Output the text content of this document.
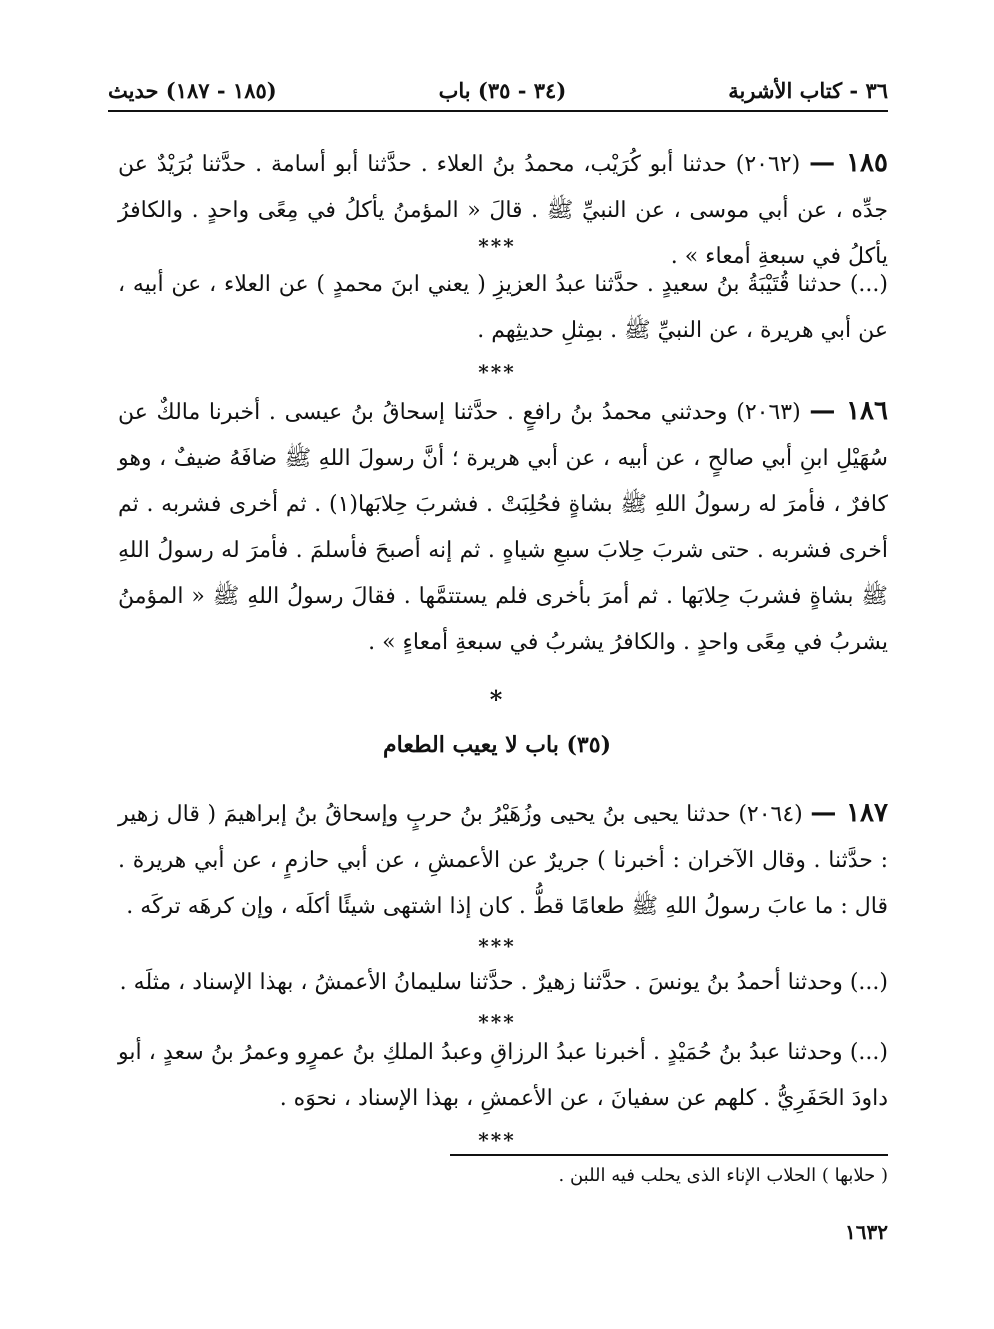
٣٦ - كتاب الأشربة
(٣٤ - ٣٥) باب
(١٨٥ - ١٨٧) حديث
١٨٥ — (٢٠٦٢) حدثنا أبو كُرَيْب، محمدُ بنُ العلاء . حدَّثنا أبو أسامة . حدَّثنا بُرَيْدٌ عن جدِّه ، عن أبي موسى ، عن النبيِّ ﷺ . قالَ « المؤمنُ يأكلُ في مِعًى واحدٍ . والكافرُ يأكلُ في سبعةِ أمعاء » .
***
(...) حدثنا قُتَيْبَةُ بنُ سعيدٍ . حدَّثنا عبدُ العزيزِ ( يعني ابنَ محمدٍ ) عن العلاء ، عن أبيه ، عن أبي هريرة ، عن النبيِّ ﷺ . بمِثلِ حديثِهم .
***
١٨٦ — (٢٠٦٣) وحدثني محمدُ بنُ رافعٍ . حدَّثنا إسحاقُ بنُ عيسى . أخبرنا مالكٌ عن سُهَيْلِ ابنِ أبي صالحٍ ، عن أبيه ، عن أبي هريرة ؛ أنَّ رسولَ اللهِ ﷺ ضافَهُ ضيفٌ ، وهو كافرٌ ، فأمرَ له رسولُ اللهِ ﷺ بشاةٍ فحُلِبَتْ . فشربَ حِلابَها(١) . ثم أخرى فشربه . ثم أخرى فشربه . حتى شربَ حِلابَ سبعِ شياهٍ . ثم إنه أصبحَ فأسلمَ . فأمرَ له رسولُ اللهِ ﷺ بشاةٍ فشربَ حِلابَها . ثم أمرَ بأخرى فلم يستتمَّها . فقالَ رسولُ اللهِ ﷺ « المؤمنُ يشربُ في مِعًى واحدٍ . والكافرُ يشربُ في سبعةِ أمعاءٍ » .
*
(٣٥) باب لا يعيب الطعام
١٨٧ — (٢٠٦٤) حدثنا يحيى بنُ يحيى وزُهَيْرُ بنُ حربٍ وإسحاقُ بنُ إبراهيمَ ( قال زهير : حدَّثنا . وقال الآخران : أخبرنا ) جريرٌ عن الأعمشِ ، عن أبي حازمٍ ، عن أبي هريرة . قال : ما عابَ رسولُ اللهِ ﷺ طعامًا قطُّ . كان إذا اشتهى شيئًا أكلَه ، وإن كرهَه تركَه .
***
(...) وحدثنا أحمدُ بنُ يونسَ . حدَّثنا زهيرٌ . حدَّثنا سليمانُ الأعمشُ ، بهذا الإسناد ، مثلَه .
***
(...) وحدثنا عبدُ بنُ حُمَيْدٍ . أخبرنا عبدُ الرزاقِ وعبدُ الملكِ بنُ عمرٍو وعمرُ بنُ سعدٍ ، أبو داودَ الحَفَرِيُّ . كلهم عن سفيانَ ، عن الأعمشِ ، بهذا الإسناد ، نحوَه .
***
( حلابها ) الحلاب الإناء الذى يحلب فيه اللبن .
١٦٣٢
